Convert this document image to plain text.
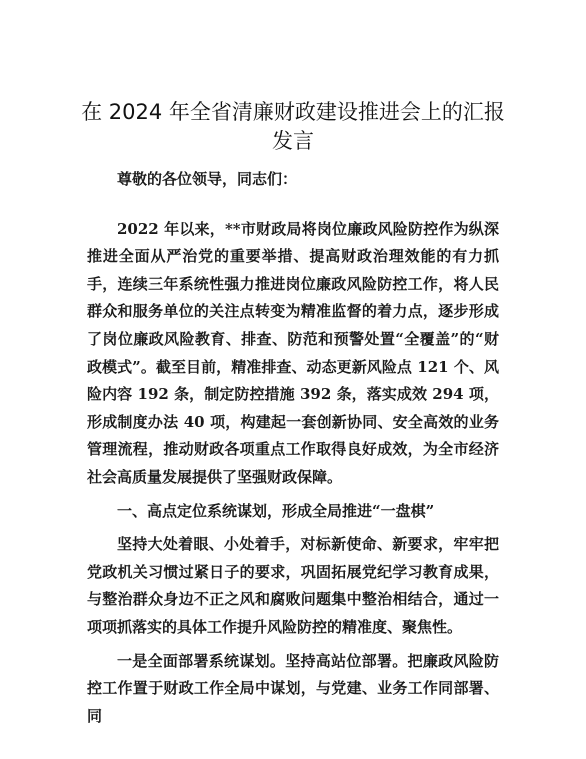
在 2024 年全省清廉财政建设推进会上的汇报发言

尊敬的各位领导，同志们：

2022 年以来，**市财政局将岗位廉政风险防控作为纵深推进全面从严治党的重要举措、提高财政治理效能的有力抓手，连续三年系统性强力推进岗位廉政风险防控工作，将人民群众和服务单位的关注点转变为精准监督的着力点，逐步形成了岗位廉政风险教育、排查、防范和预警处置“全覆盖”的“财政模式”。截至目前，精准排查、动态更新风险点 121 个、风险内容 192 条，制定防控措施 392 条，落实成效 294 项，形成制度办法 40 项，构建起一套创新协同、安全高效的业务管理流程，推动财政各项重点工作取得良好成效，为全市经济社会高质量发展提供了坚强财政保障。

一、高点定位系统谋划，形成全局推进“一盘棋”

坚持大处着眼、小处着手，对标新使命、新要求，牢牢把党政机关习惯过紧日子的要求，巩固拓展党纪学习教育成果，与整治群众身边不正之风和腐败问题集中整治相结合，通过一项项抓落实的具体工作提升风险防控的精准度、聚焦性。

一是全面部署系统谋划。坚持高站位部署。把廉政风险防控工作置于财政工作全局中谋划，与党建、业务工作同部署、同
